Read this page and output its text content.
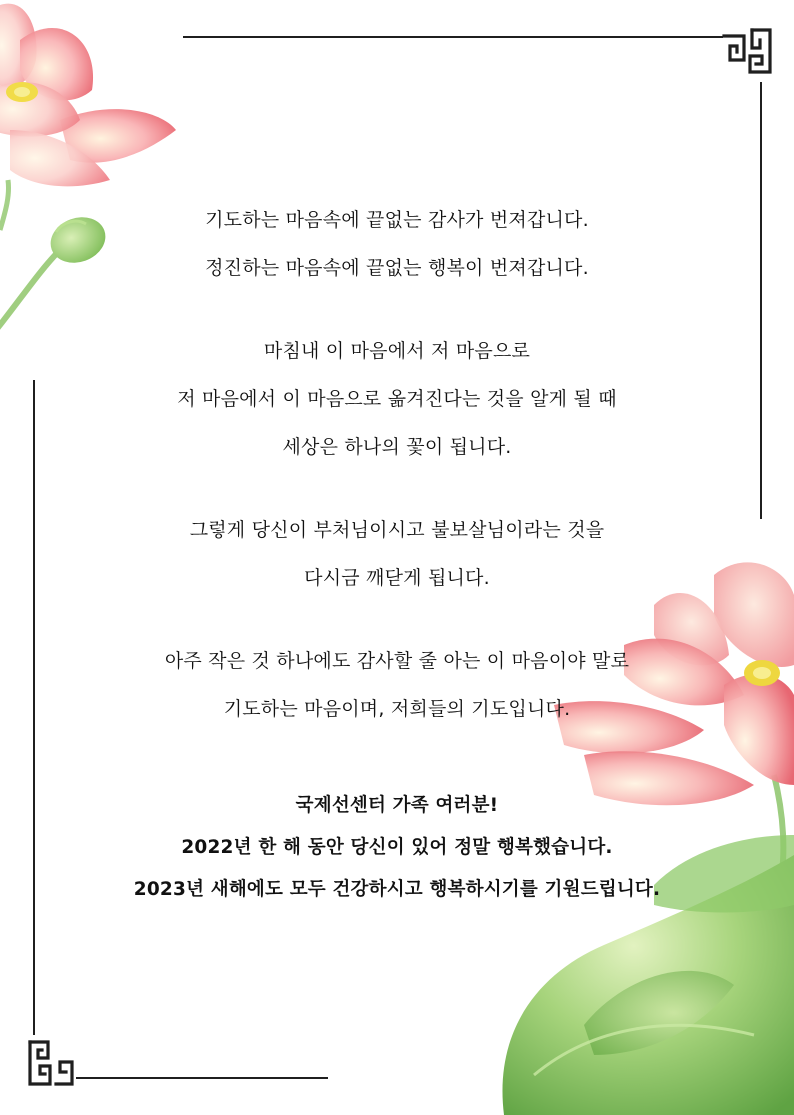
기도하는 마음속에 끝없는 감사가 번져갑니다.
정진하는 마음속에 끝없는 행복이 번져갑니다.
마침내 이 마음에서 저 마음으로
저 마음에서 이 마음으로 옮겨진다는 것을 알게 될 때
세상은 하나의 꽃이 됩니다.
그렇게 당신이 부처님이시고 불보살님이라는 것을
다시금 깨닫게 됩니다.
아주 작은 것 하나에도 감사할 줄 아는 이 마음이야 말로
기도하는 마음이며, 저희들의 기도입니다.
국제선센터 가족 여러분!
2022년 한 해 동안 당신이 있어 정말 행복했습니다.
2023년 새해에도 모두 건강하시고 행복하시기를 기원드립니다.
